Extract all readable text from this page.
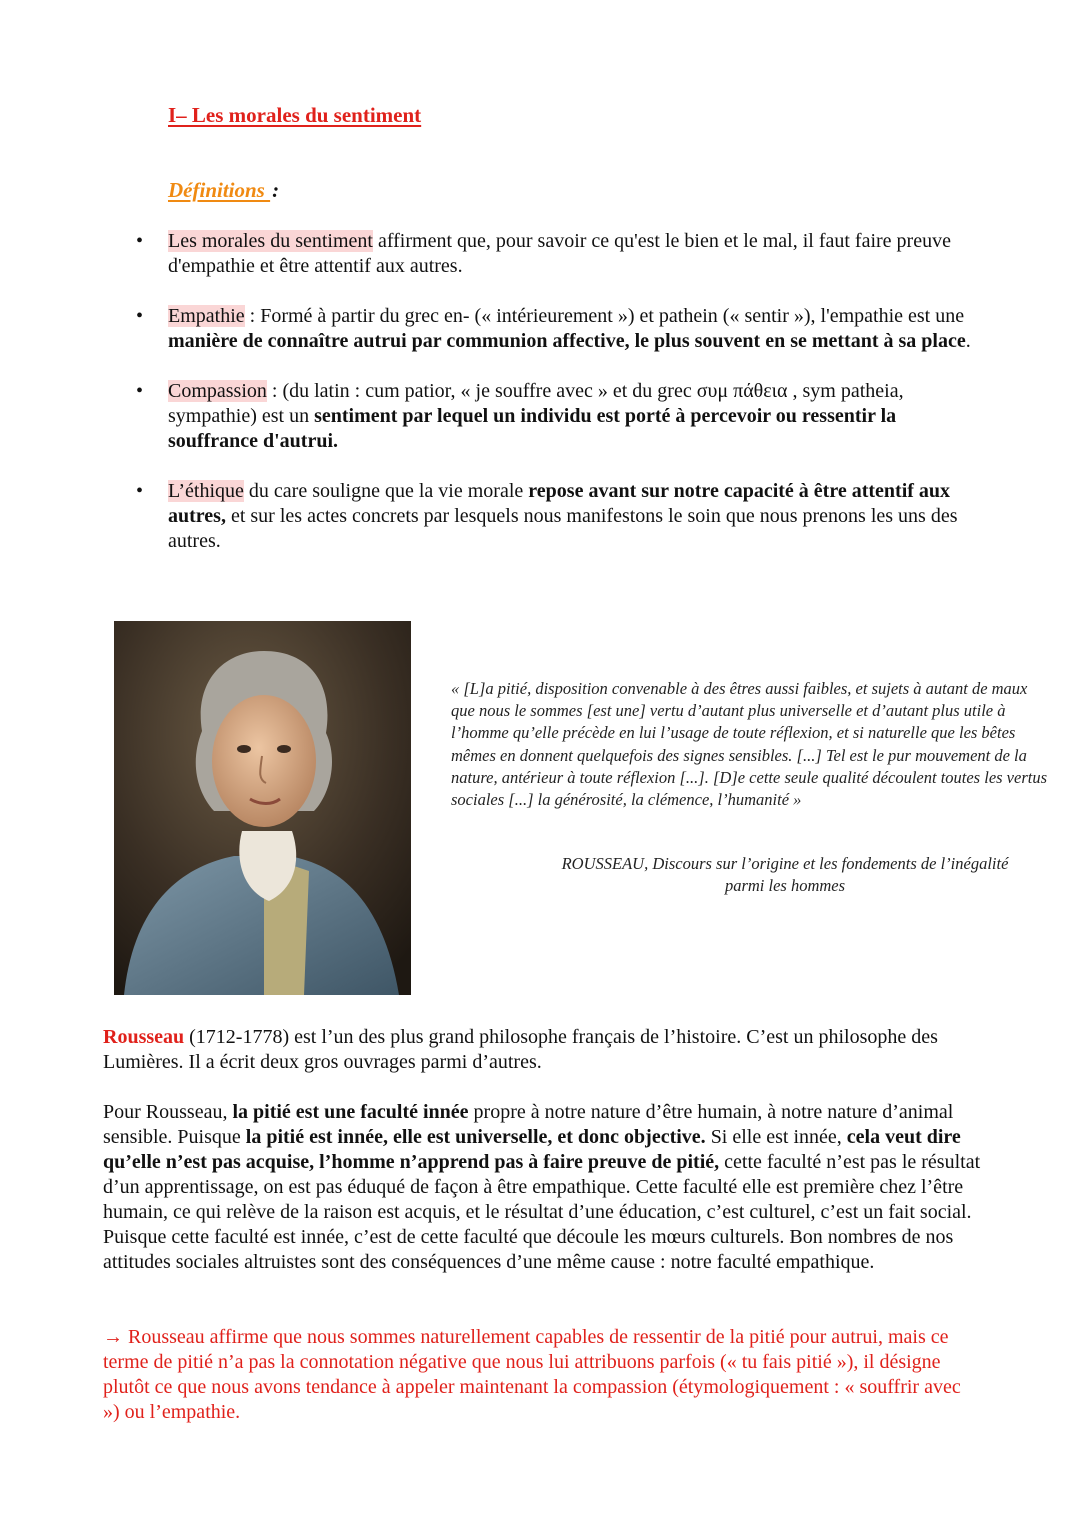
I– Les morales du sentiment
Définitions :
• Les morales du sentiment affirment que, pour savoir ce qu'est le bien et le mal, il faut faire preuve d'empathie et être attentif aux autres.
• Empathie : Formé à partir du grec en- (« intérieurement ») et pathein (« sentir »), l'empathie est une manière de connaître autrui par communion affective, le plus souvent en se mettant à sa place.
• Compassion : (du latin : cum patior, « je souffre avec » et du grec συμ πάθεια , sym patheia, sympathie) est un sentiment par lequel un individu est porté à percevoir ou ressentir la souffrance d'autrui.
• L’éthique du care souligne que la vie morale repose avant sur notre capacité à être attentif aux autres, et sur les actes concrets par lesquels nous manifestons le soin que nous prenons les uns des autres.
« [L]a pitié, disposition convenable à des êtres aussi faibles, et sujets à autant de maux que nous le sommes [est une] vertu d’autant plus universelle et d’autant plus utile à l’homme qu’elle précède en lui l’usage de toute réflexion, et si naturelle que les bêtes mêmes en donnent quelquefois des signes sensibles. [...] Tel est le pur mouvement de la nature, antérieur à toute réflexion [...]. [D]e cette seule qualité découlent toutes les vertus sociales [...] la générosité, la clémence, l’humanité »
ROUSSEAU, Discours sur l’origine et les fondements de l’inégalité
parmi les hommes
Rousseau (1712-1778) est l’un des plus grand philosophe français de l’histoire. C’est un philosophe des Lumières. Il a écrit deux gros ouvrages parmi d’autres.
Pour Rousseau, la pitié est une faculté innée propre à notre nature d’être humain, à notre nature d’animal sensible. Puisque la pitié est innée, elle est universelle, et donc objective. Si elle est innée, cela veut dire qu’elle n’est pas acquise, l’homme n’apprend pas à faire preuve de pitié, cette faculté n’est pas le résultat d’un apprentissage, on est pas éduqué de façon à être empathique. Cette faculté elle est première chez l’être humain, ce qui relève de la raison est acquis, et le résultat d’une éducation, c’est culturel, c’est un fait social. Puisque cette faculté est innée, c’est de cette faculté que découle les mœurs culturels. Bon nombres de nos attitudes sociales altruistes sont des conséquences d’une même cause : notre faculté empathique.
→ Rousseau affirme que nous sommes naturellement capables de ressentir de la pitié pour autrui, mais ce terme de pitié n’a pas la connotation négative que nous lui attribuons parfois (« tu fais pitié »), il désigne plutôt ce que nous avons tendance à appeler maintenant la compassion (étymologiquement : « souffrir avec ») ou l’empathie.
